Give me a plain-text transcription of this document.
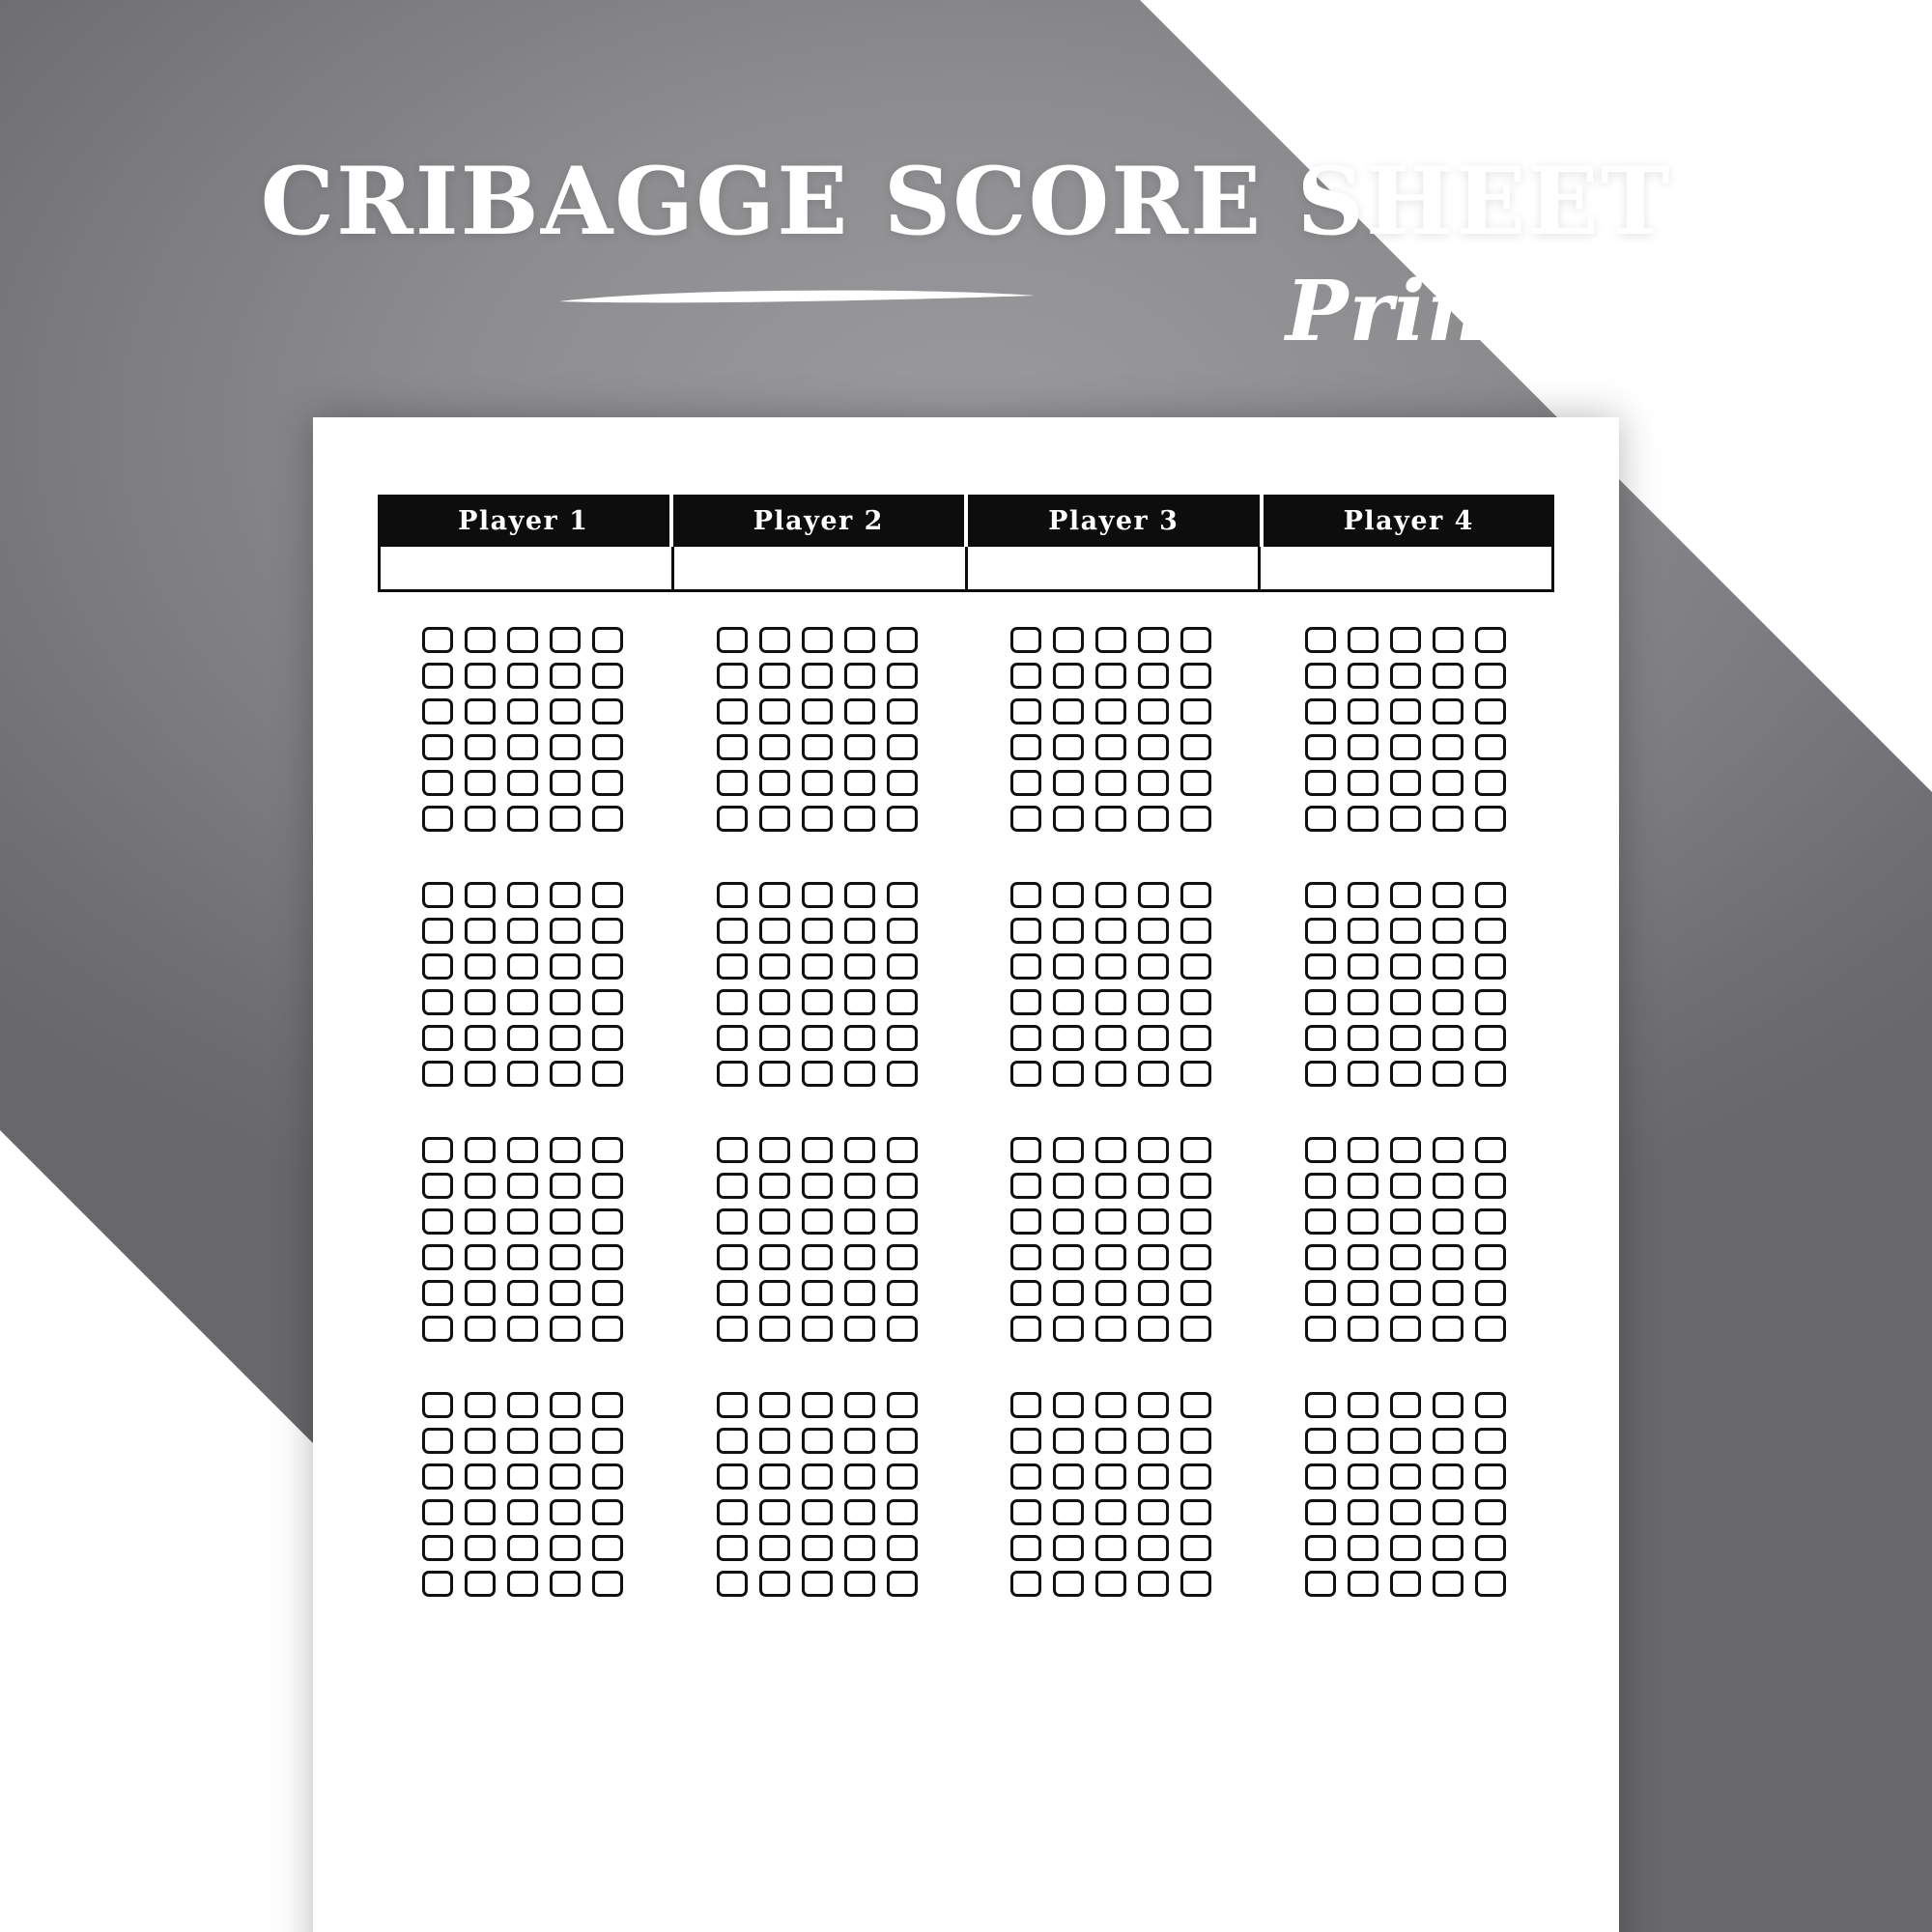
CRIBAGGE SCORE SHEET
Printable
Player 1	Player 2	Player 3	Player 4
